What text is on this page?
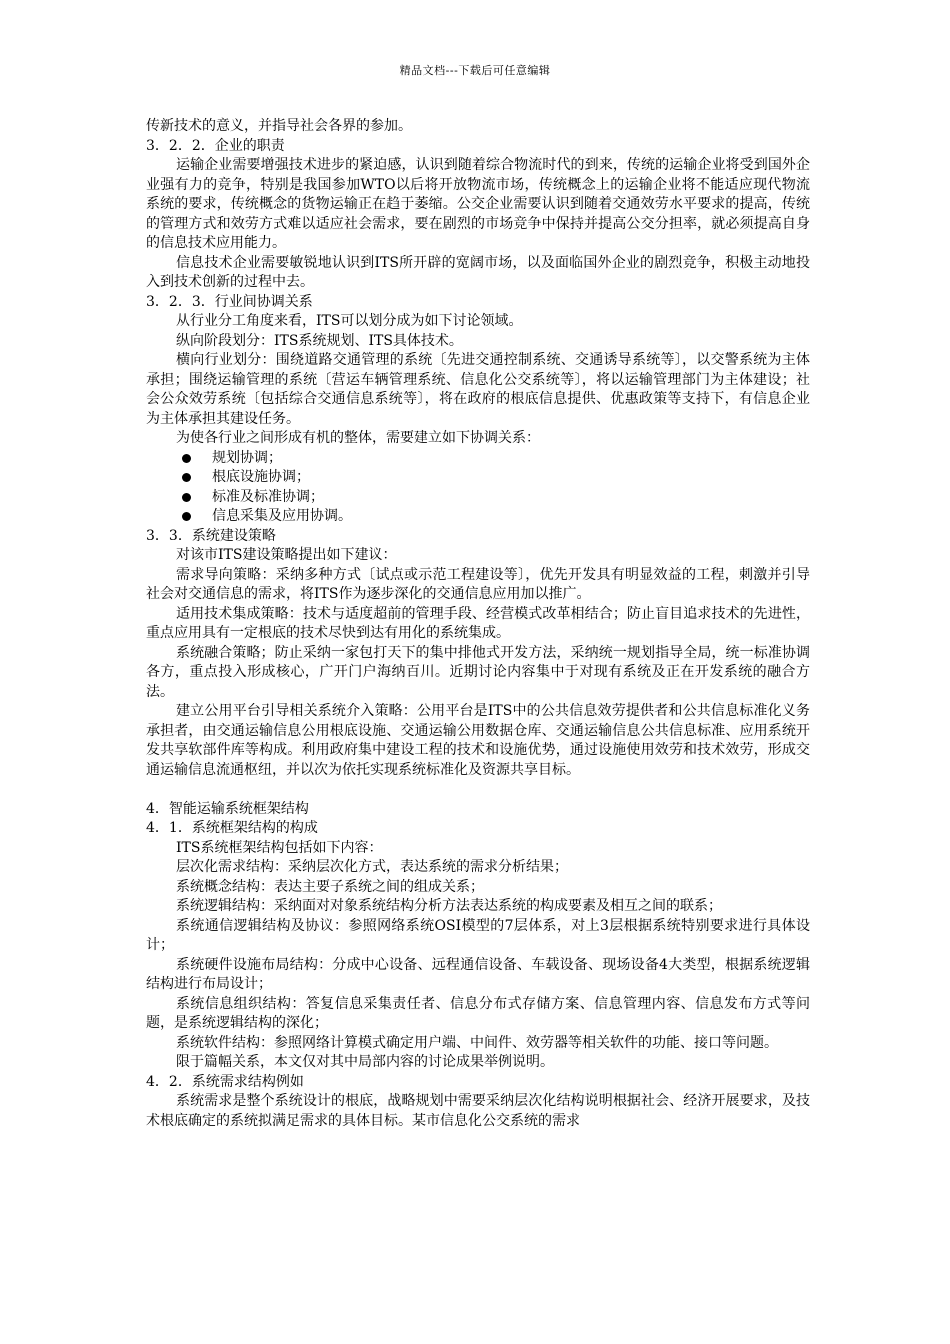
精品文档---下载后可任意编辑

传新技术的意义，并指导社会各界的参加。

3．2．2．企业的职责

运输企业需要增强技术进步的紧迫感，认识到随着综合物流时代的到来，传统的运输企业将受到国外企业强有力的竞争，特别是我国参加WTO以后将开放物流市场，传统概念上的运输企业将不能适应现代物流系统的要求，传统概念的货物运输正在趋于萎缩。公交企业需要认识到随着交通效劳水平要求的提高，传统的管理方式和效劳方式难以适应社会需求，要在剧烈的市场竞争中保持并提高公交分担率，就必须提高自身的信息技术应用能力。

信息技术企业需要敏锐地认识到ITS所开辟的宽阔市场，以及面临国外企业的剧烈竞争，积极主动地投入到技术创新的过程中去。

3．2．3．行业间协调关系

从行业分工角度来看，ITS可以划分成为如下讨论领域。

纵向阶段划分：ITS系统规划、ITS具体技术。

横向行业划分：围绕道路交通管理的系统〔先进交通控制系统、交通诱导系统等〕，以交警系统为主体承担；围绕运输管理的系统〔营运车辆管理系统、信息化公交系统等〕，将以运输管理部门为主体建设；社会公众效劳系统〔包括综合交通信息系统等〕，将在政府的根底信息提供、优惠政策等支持下，有信息企业为主体承担其建设任务。

为使各行业之间形成有机的整体，需要建立如下协调关系：

规划协调；
根底设施协调；
标准及标准协调；
信息采集及应用协调。

3．3．系统建设策略

对该市ITS建设策略提出如下建议：

需求导向策略：采纳多种方式〔试点或示范工程建设等〕，优先开发具有明显效益的工程，刺激并引导社会对交通信息的需求，将ITS作为逐步深化的交通信息应用加以推广。

适用技术集成策略：技术与适度超前的管理手段、经营模式改革相结合；防止盲目追求技术的先进性，重点应用具有一定根底的技术尽快到达有用化的系统集成。

系统融合策略；防止采纳一家包打天下的集中排他式开发方法，采纳统一规划指导全局，统一标准协调各方，重点投入形成核心，广开门户海纳百川。近期讨论内容集中于对现有系统及正在开发系统的融合方法。

建立公用平台引导相关系统介入策略：公用平台是ITS中的公共信息效劳提供者和公共信息标准化义务承担者，由交通运输信息公用根底设施、交通运输公用数据仓库、交通运输信息公共信息标准、应用系统开发共享软部件库等构成。利用政府集中建设工程的技术和设施优势，通过设施使用效劳和技术效劳，形成交通运输信息流通枢纽，并以次为依托实现系统标准化及资源共享目标。

4．智能运输系统框架结构

4．1．系统框架结构的构成

ITS系统框架结构包括如下内容：

层次化需求结构：采纳层次化方式，表达系统的需求分析结果；

系统概念结构：表达主要子系统之间的组成关系；

系统逻辑结构：采纳面对对象系统结构分析方法表达系统的构成要素及相互之间的联系；

系统通信逻辑结构及协议：参照网络系统OSI模型的7层体系，对上3层根据系统特别要求进行具体设计；

系统硬件设施布局结构：分成中心设备、远程通信设备、车载设备、现场设备4大类型，根据系统逻辑结构进行布局设计；

系统信息组织结构：答复信息采集责任者、信息分布式存储方案、信息管理内容、信息发布方式等问题，是系统逻辑结构的深化；

系统软件结构：参照网络计算模式确定用户端、中间件、效劳器等相关软件的功能、接口等问题。

限于篇幅关系，本文仅对其中局部内容的讨论成果举例说明。

4．2．系统需求结构例如

系统需求是整个系统设计的根底，战略规划中需要采纳层次化结构说明根据社会、经济开展要求，及技术根底确定的系统拟满足需求的具体目标。某市信息化公交系统的需求
